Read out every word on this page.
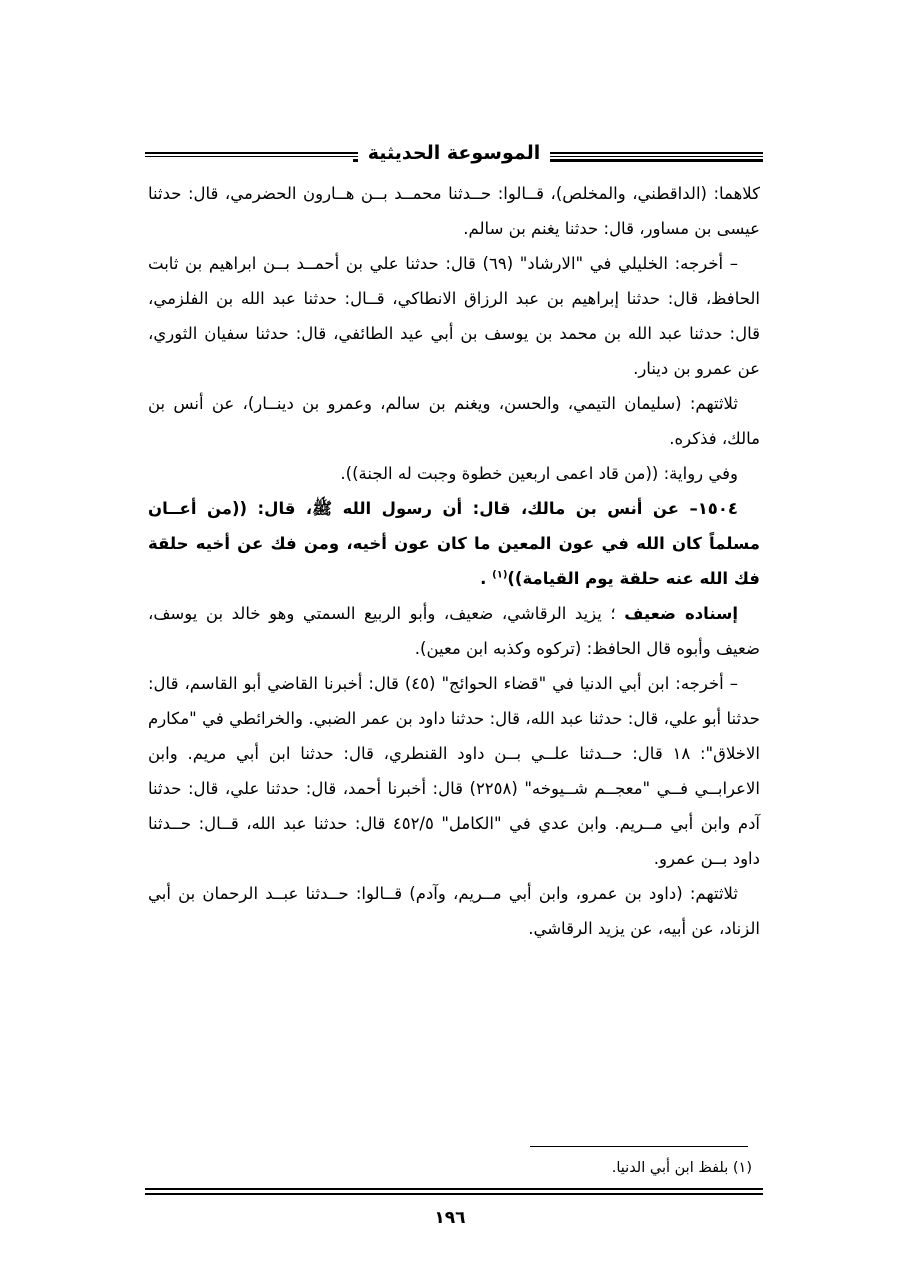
الموسوعة الحديثية

كلاهما: (الداقطني، والمخلص)، قــالوا: حــدثنا محمــد بــن هــارون الحضرمي، قال: حدثنا عيسى بن مساور، قال: حدثنا يغنم بن سالم.

– أخرجه: الخليلي في "الارشاد" (٦٩) قال: حدثنا علي بن أحمــد بــن ابراهيم بن ثابت الحافظ، قال: حدثنا إبراهيم بن عبد الرزاق الانطاكي، قــال: حدثنا عبد الله بن الفلزمي، قال: حدثنا عبد الله بن محمد بن يوسف بن أبي عيد الطائفي، قال: حدثنا سفيان الثوري، عن عمرو بن دينار.

ثلاثتهم: (سليمان التيمي، والحسن، ويغنم بن سالم، وعمرو بن دينــار)، عن أنس بن مالك، فذكره.

وفي رواية: ((من قاد اعمى اربعين خطوة وجبت له الجنة)).

١٥٠٤– عن أنس بن مالك، قال: أن رسول الله ﷺ، قال: ((من أعــان مسلماً كان الله في عون المعين ما كان عون أخيه، ومن فك عن أخيه حلقة فك الله عنه حلقة يوم القيامة))$^{(١)}$ .

إسناده ضعيف ؛ يزيد الرقاشي، ضعيف، وأبو الربيع السمتي وهو خالد بن يوسف، ضعيف وأبوه قال الحافظ: (تركوه وكذبه ابن معين).

– أخرجه: ابن أبي الدنيا في "قضاء الحوائج" (٤٥) قال: أخبرنا القاضي أبو القاسم، قال: حدثنا أبو علي، قال: حدثنا عبد الله، قال: حدثنا داود بن عمر الضبي. والخرائطي في "مكارم الاخلاق": ١٨ قال: حــدثنا علــي بــن داود القنطري، قال: حدثنا ابن أبي مريم. وابن الاعرابــي فــي "معجــم شــيوخه" (٢٢٥٨) قال: أخبرنا أحمد، قال: حدثنا علي، قال: حدثنا آدم وابن أبي مــريم. وابن عدي في "الكامل" ٤٥٢/٥ قال: حدثنا عبد الله، قــال: حــدثنا داود بــن عمرو.

ثلاثتهم: (داود بن عمرو، وابن أبي مــريم، وآدم) قــالوا: حــدثنا عبــد الرحمان بن أبي الزناد، عن أبيه، عن يزيد الرقاشي.

(١) بلفظ ابن أبي الدنيا.
١٩٦
